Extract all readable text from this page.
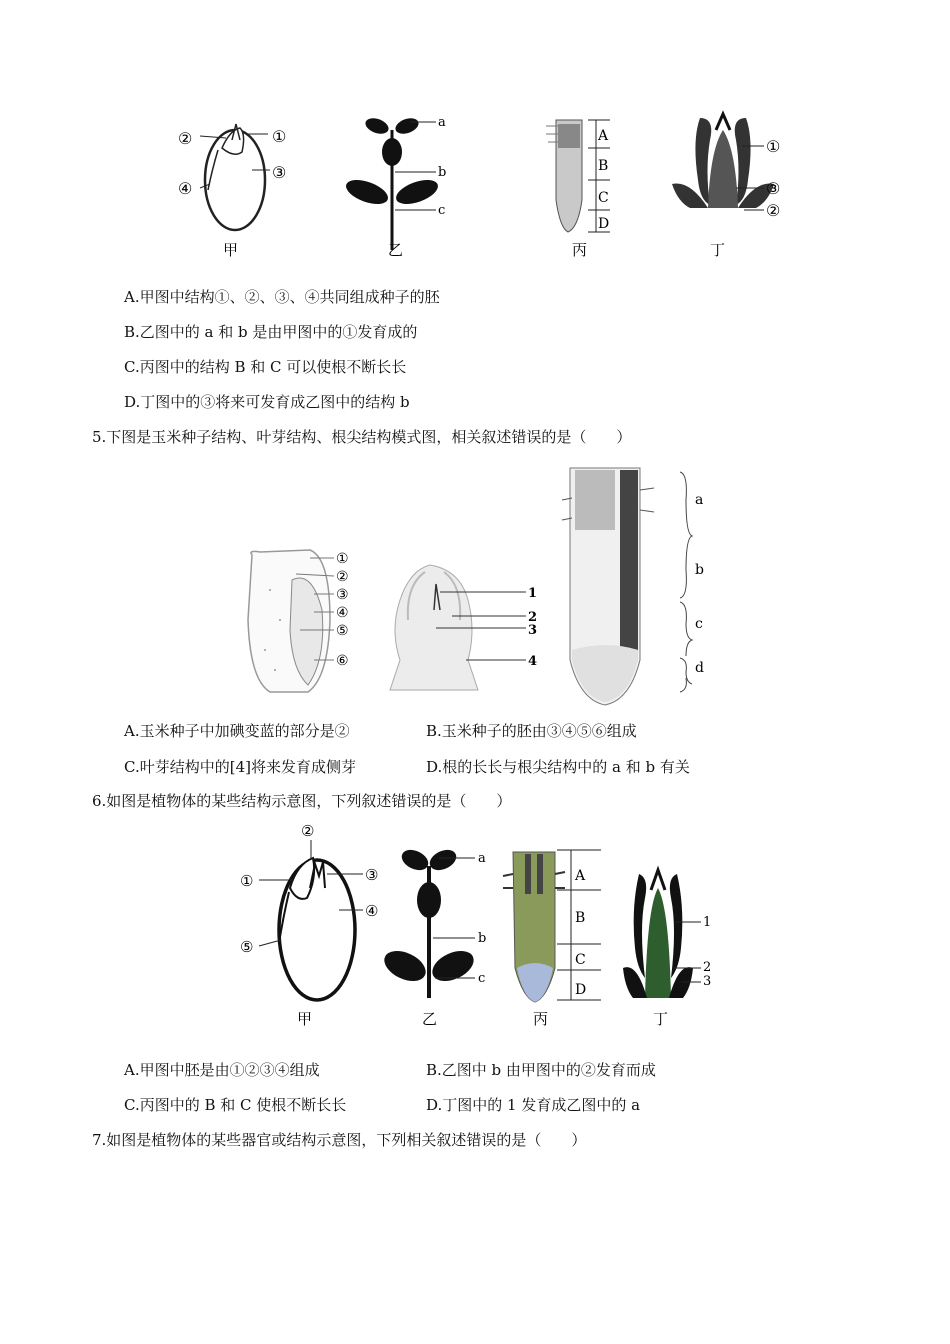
②	①
④
③
a
b
c
A
B
C
D
①
③
②
甲	乙	丙	丁
A.甲图中结构①、②、③、④共同组成种子的胚
B.乙图中的 a 和 b 是由甲图中的①发育成的
C.丙图中的结构 B 和 C 可以使根不断长长
D.丁图中的③将来可发育成乙图中的结构 b
5.下图是玉米种子结构、叶芽结构、根尖结构模式图，相关叙述错误的是（　　）
①
②
③
④
⑤
⑥
1
2
3
4
a
b
c
d
A.玉米种子中加碘变蓝的部分是②	B.玉米种子的胚由③④⑤⑥组成
C.叶芽结构中的[4]将来发育成侧芽	D.根的长长与根尖结构中的 a 和 b 有关
6.如图是植物体的某些结构示意图，下列叙述错误的是（　　）
②
①	③
④
⑤
a
b
c
A
B
C
D
1
2
3
甲	乙	丙	丁
A.甲图中胚是由①②③④组成	B.乙图中 b 由甲图中的②发育而成
C.丙图中的 B 和 C 使根不断长长	D.丁图中的 1 发育成乙图中的 a
7.如图是植物体的某些器官或结构示意图，下列相关叙述错误的是（　　）
